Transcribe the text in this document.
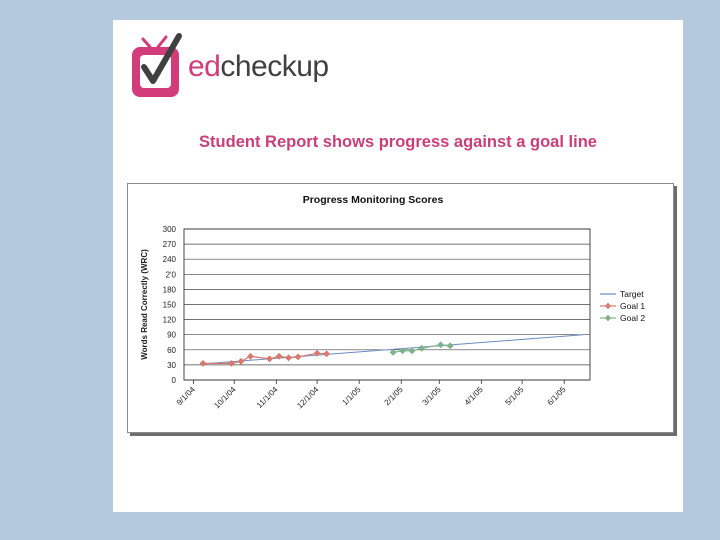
edcheckup
Student Report shows progress against a goal line
Progress Monitoring Scores
0
30
60
90
120
150
180
2'0
240
270
300
Words Read Correctly (WRC)
9/1/04 10/1/04 11/1/04 12/1/04 1/1/05 2/1/05 3/1/05 4/1/05 5/1/05 6/1/05
Target
Goal 1
Goal 2
